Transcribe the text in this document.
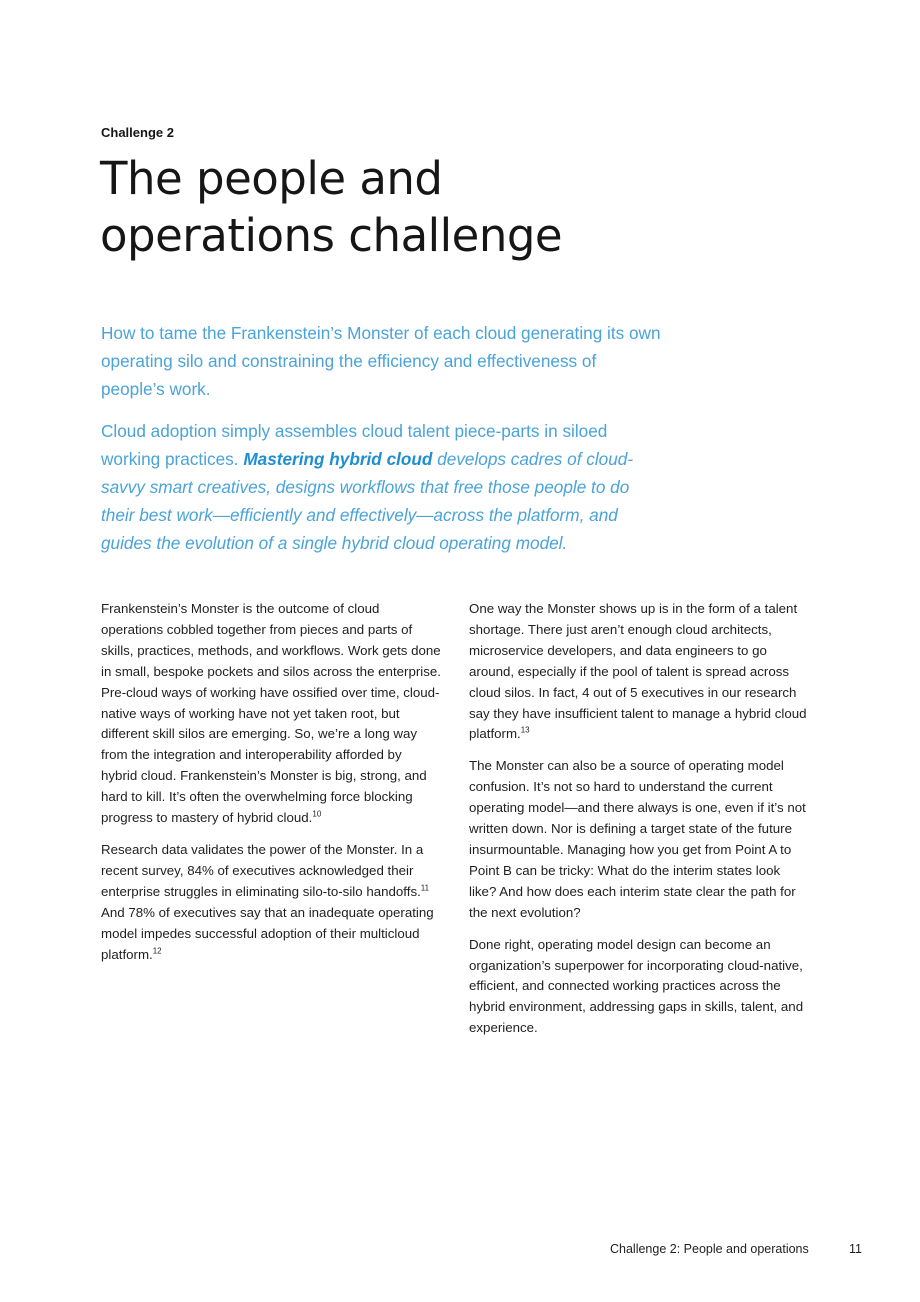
Challenge 2
The people and
operations challenge

How to tame the Frankenstein’s Monster of each cloud generating its own operating silo and constraining the efficiency and effectiveness of people’s work.

Cloud adoption simply assembles cloud talent piece-parts in siloed working practices. Mastering hybrid cloud develops cadres of cloud-savvy smart creatives, designs workflows that free those people to do their best work—efficiently and effectively—across the platform, and guides the evolution of a single hybrid cloud operating model.

Frankenstein’s Monster is the outcome of cloud operations cobbled together from pieces and parts of skills, practices, methods, and workflows. Work gets done in small, bespoke pockets and silos across the enterprise. Pre-cloud ways of working have ossified over time, cloud-native ways of working have not yet taken root, but different skill silos are emerging. So, we’re a long way from the integration and interoperability afforded by hybrid cloud. Frankenstein’s Monster is big, strong, and hard to kill. It’s often the overwhelming force blocking progress to mastery of hybrid cloud.$^{10}$

Research data validates the power of the Monster. In a recent survey, 84% of executives acknowledged their enterprise struggles in eliminating silo-to-silo handoffs.$^{11}$ And 78% of executives say that an inadequate operating model impedes successful adoption of their multicloud platform.$^{12}$

One way the Monster shows up is in the form of a talent shortage. There just aren’t enough cloud architects, microservice developers, and data engineers to go around, especially if the pool of talent is spread across cloud silos. In fact, 4 out of 5 executives in our research say they have insufficient talent to manage a hybrid cloud platform.$^{13}$

The Monster can also be a source of operating model confusion. It’s not so hard to understand the current operating model—and there always is one, even if it’s not written down. Nor is defining a target state of the future insurmountable. Managing how you get from Point A to Point B can be tricky: What do the interim states look like? And how does each interim state clear the path for the next evolution?

Done right, operating model design can become an organization’s superpower for incorporating cloud-native, efficient, and connected working practices across the hybrid environment, addressing gaps in skills, talent, and experience.

Challenge 2: People and operations	11
